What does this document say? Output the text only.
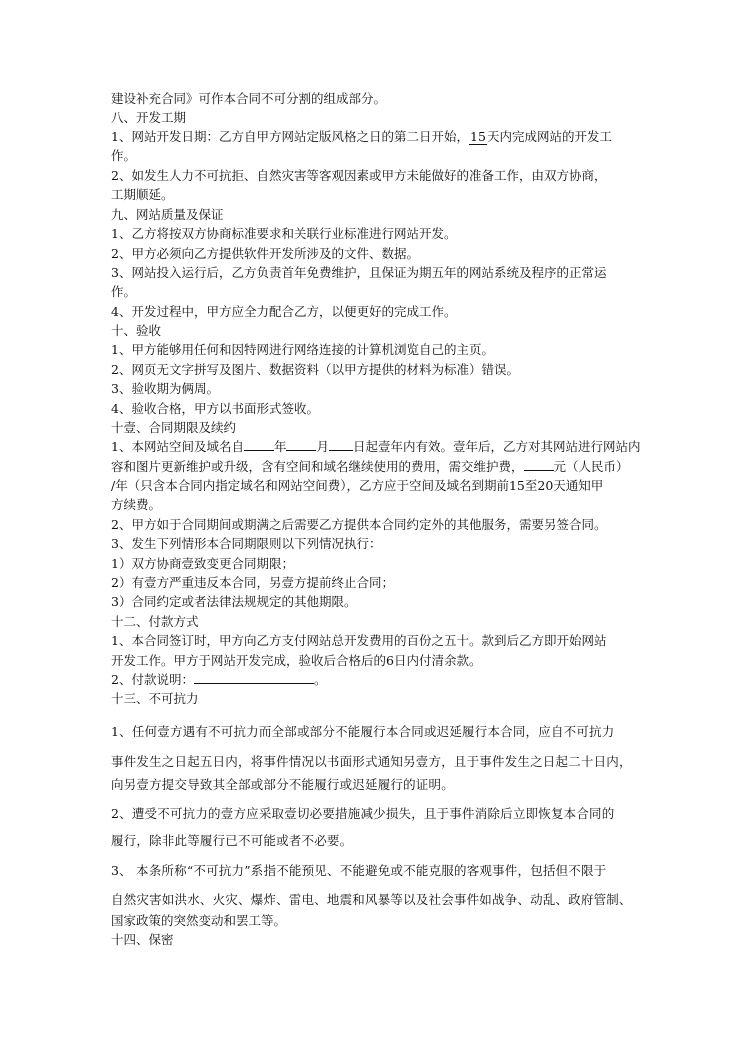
建设补充合同》可作本合同不可分割的组成部分。
八、开发工期
1、网站开发日期：乙方自甲方网站定版风格之日的第二日开始，15天内完成网站的开发工
作。
2、如发生人力不可抗拒、自然灾害等客观因素或甲方未能做好的准备工作，由双方协商，
工期顺延。
九、网站质量及保证
1、乙方将按双方协商标准要求和关联行业标准进行网站开发。
2、甲方必须向乙方提供软件开发所涉及的文件、数据。
3、网站投入运行后，乙方负责首年免费维护，且保证为期五年的网站系统及程序的正常运
作。
4、开发过程中，甲方应全力配合乙方，以便更好的完成工作。
十、验收
1、甲方能够用任何和因特网进行网络连接的计算机浏览自己的主页。
2、网页无文字拼写及图片、数据资料（以甲方提供的材料为标准）错误。
3、验收期为俩周。
4、验收合格，甲方以书面形式签收。
十壹、合同期限及续约
1、本网站空间及域名自 年 月 日起壹年内有效。壹年后，乙方对其网站进行网站内
容和图片更新维护或升级，含有空间和域名继续使用的费用，需交维护费， 元（人民币）
/年（只含本合同内指定域名和网站空间费），乙方应于空间及域名到期前15至20天通知甲
方续费。
2、甲方如于合同期间或期满之后需要乙方提供本合同约定外的其他服务，需要另签合同。
3、发生下列情形本合同期限则以下列情况执行：
1）双方协商壹致变更合同期限；
2）有壹方严重违反本合同，另壹方提前终止合同；
3）合同约定或者法律法规规定的其他期限。
十二、付款方式
1、本合同签订时，甲方向乙方支付网站总开发费用的百份之五十。款到后乙方即开始网站
开发工作。甲方于网站开发完成，验收后合格后的6日内付清余款。
2、付款说明：	。
十三、不可抗力
1、任何壹方遇有不可抗力而全部或部分不能履行本合同或迟延履行本合同，应自不可抗力
事件发生之日起五日内，将事件情况以书面形式通知另壹方，且于事件发生之日起二十日内，
向另壹方提交导致其全部或部分不能履行或迟延履行的证明。
2、遭受不可抗力的壹方应采取壹切必要措施减少损失，且于事件消除后立即恢复本合同的
履行，除非此等履行已不可能或者不必要。
3、 本条所称“不可抗力”系指不能预见、不能避免或不能克服的客观事件，包括但不限于
自然灾害如洪水、火灾、爆炸、雷电、地震和风暴等以及社会事件如战争、动乱、政府管制、
国家政策的突然变动和罢工等。
十四、保密
